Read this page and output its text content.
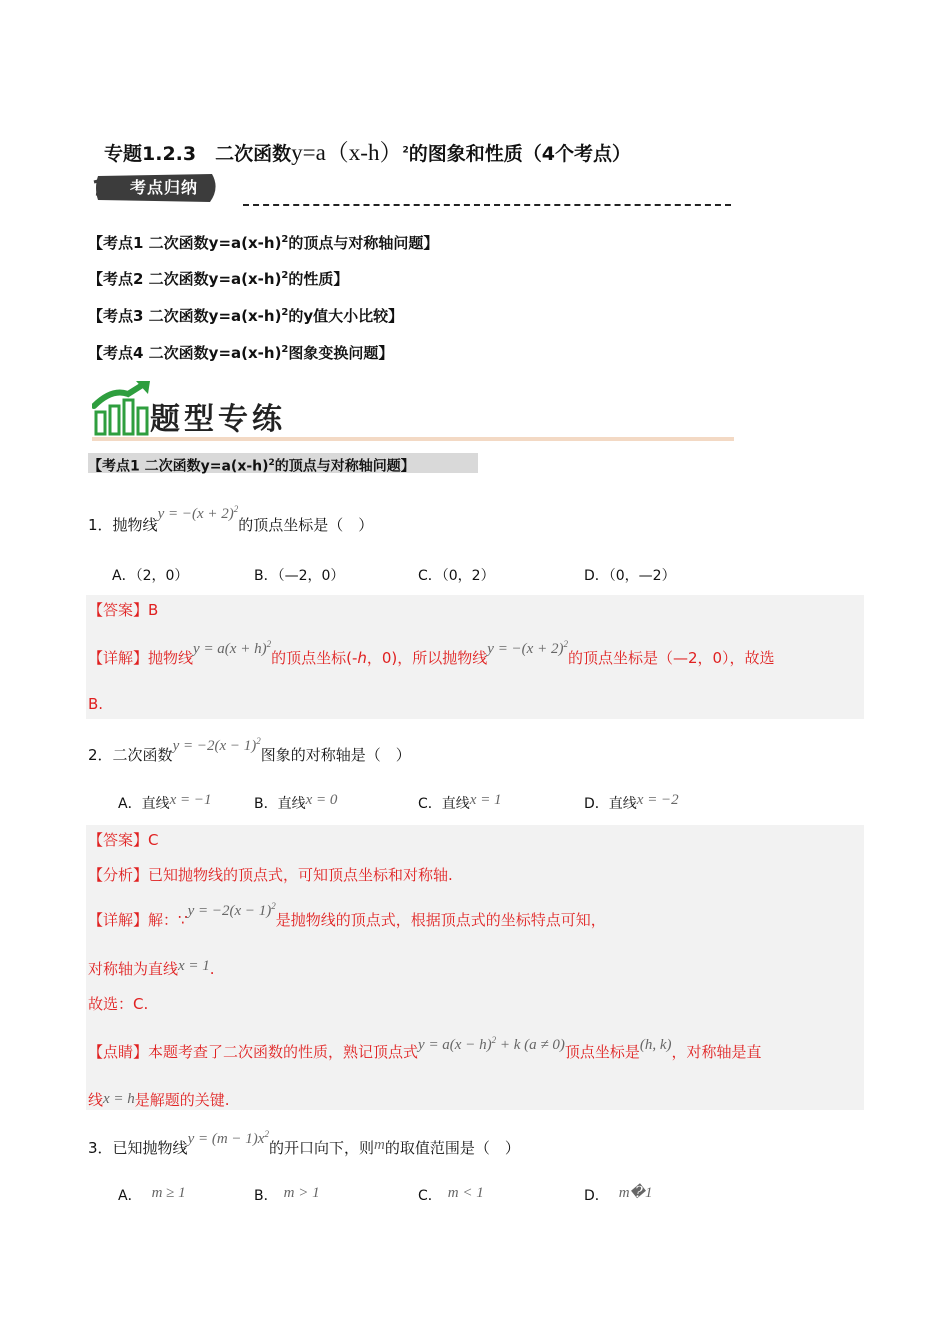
专题1.2.3　二次函数$y=a(x-h)^2$的图象和性质（4个考点）
考点归纳
【考点1 二次函数$y=a(x-h)^2$的顶点与对称轴问题】
【考点2 二次函数$y=a(x-h)^2$的性质】
【考点3 二次函数$y=a(x-h)^2$的y值大小比较】
【考点4 二次函数$y=a(x-h)^2$图象变换问题】
题型专练
【考点1 二次函数$y=a(x-h)^2$的顶点与对称轴问题】
1．抛物线$y = -(x + 2)^2$的顶点坐标是（　）
A．（2，0）	B．（—2，0）	C．（0，2）	D．（0，—2）
【答案】B
【详解】抛物线$y = a(x + h)^2$的顶点坐标(-h，0)，所以抛物线$y = -(x + 2)^2$的顶点坐标是（—2，0），故选
B.
2．二次函数$y = -2(x - 1)^2$图象的对称轴是（　）
A．直线x = −1	B．直线x = 0	C．直线x = 1	D．直线x = −2
【答案】C
【分析】已知抛物线的顶点式，可知顶点坐标和对称轴.
【详解】解：∵y = $-2(x - 1)^2$是抛物线的顶点式，根据顶点式的坐标特点可知，
对称轴为直线x = 1.
故选：C.
【点睛】本题考查了二次函数的性质，熟记顶点式$y = a(x - h)^2 + k$ (a ≠ 0)顶点坐标是(h, k)，对称轴是直
线x = h是解题的关键.
3．已知抛物线$y = (m - 1)x^2$的开口向下，则m的取值范围是（　）
A． m ≥ 1	B． m > 1	C． m < 1	D． m�1
